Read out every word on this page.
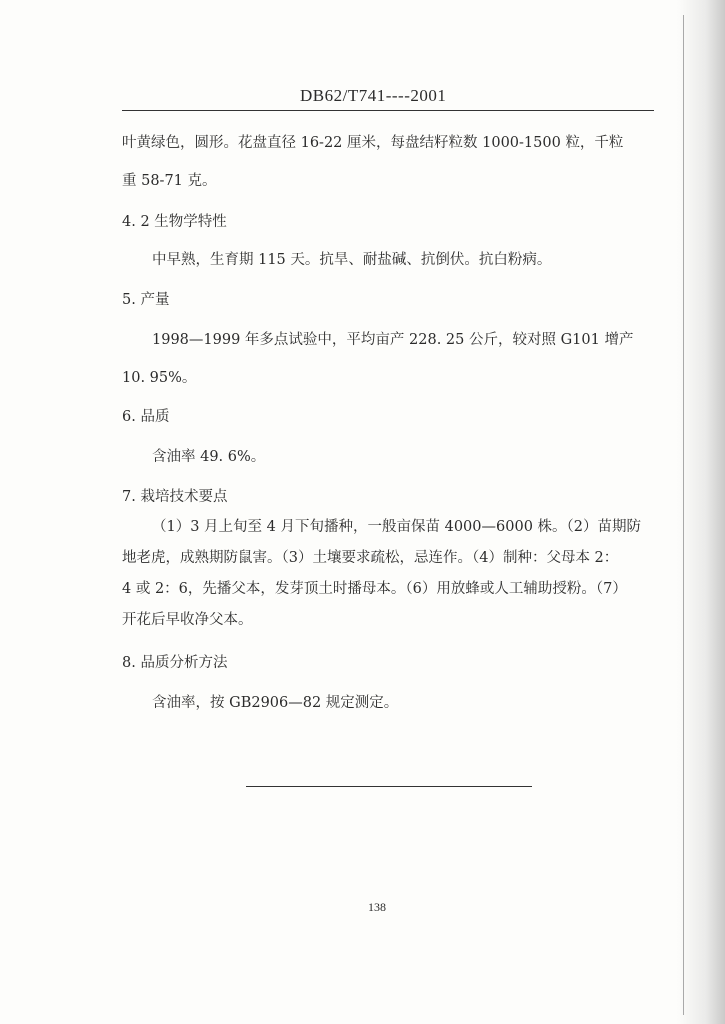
DB62/T741----2001
叶黄绿色，圆形。花盘直径 16-22 厘米，每盘结籽粒数 1000-1500 粒，千粒
重 58-71 克。
4. 2 生物学特性
中早熟，生育期 115 天。抗旱、耐盐碱、抗倒伏。抗白粉病。
5. 产量
1998—1999 年多点试验中，平均亩产 228. 25 公斤，较对照 G101 增产
10. 95%。
6. 品质
含油率 49. 6%。
7. 栽培技术要点
（1）3 月上旬至 4 月下旬播种，一般亩保苗 4000—6000 株。（2）苗期防
地老虎，成熟期防鼠害。（3）土壤要求疏松，忌连作。（4）制种：父母本 2：
4 或 2：6，先播父本，发芽顶土时播母本。（6）用放蜂或人工辅助授粉。（7）
开花后早收净父本。
8. 品质分析方法
含油率，按 GB2906—82 规定测定。
138
